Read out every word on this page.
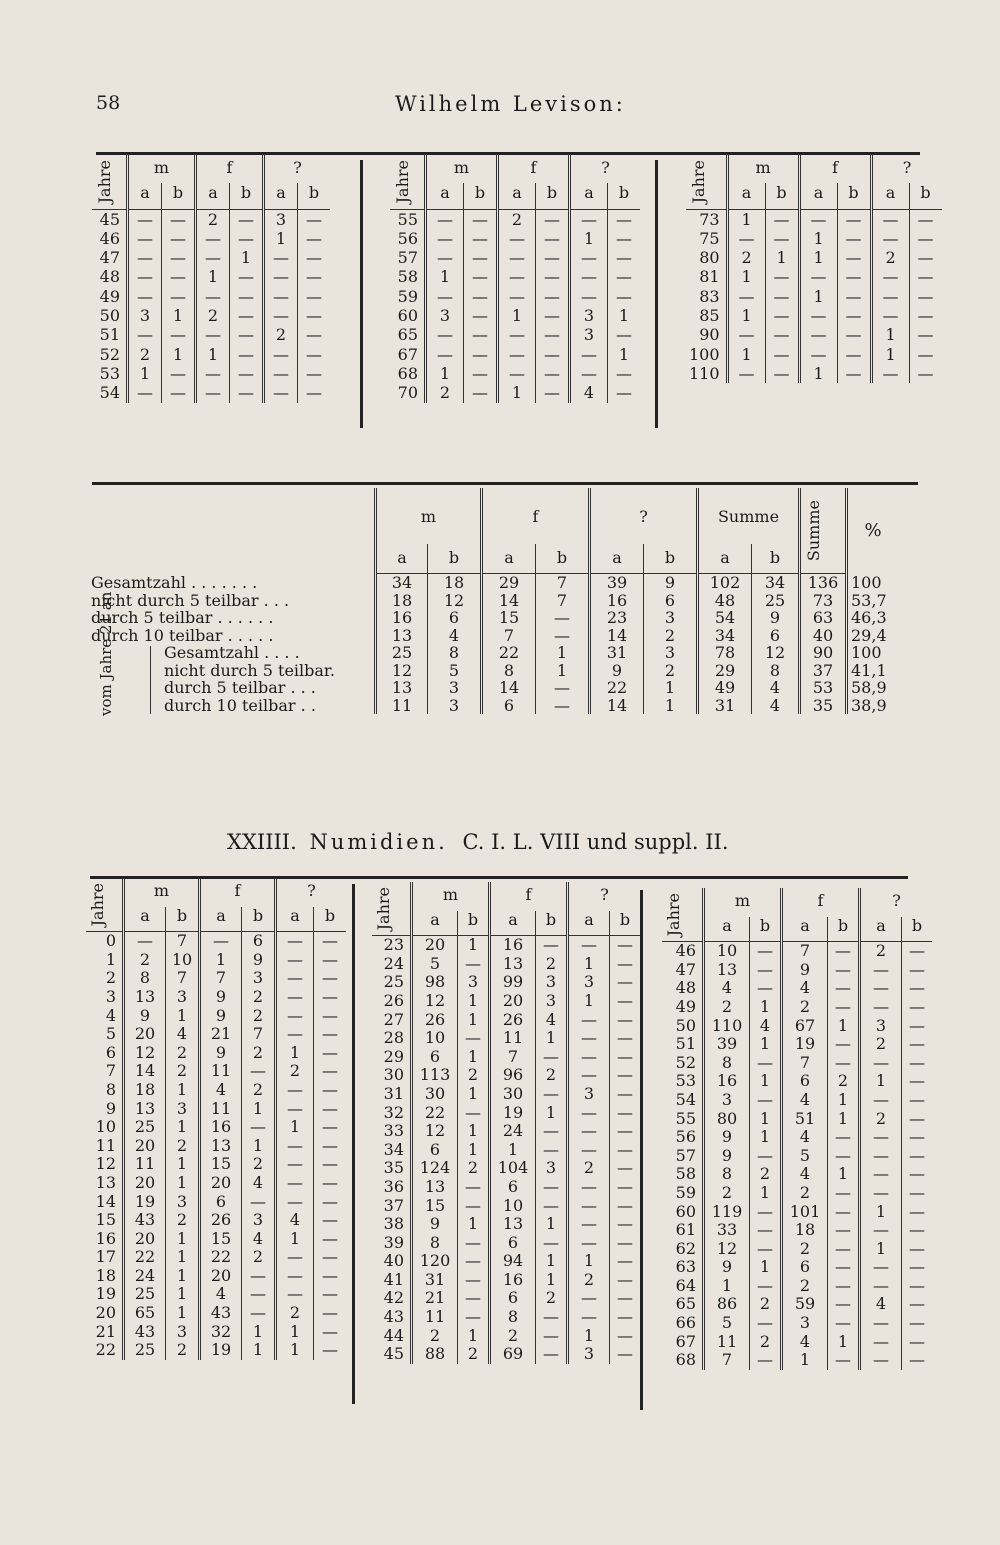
58	Wilhelm Levison:
Jahre	m		f		?	
	a	b	a	b	a	b
45	—	—	2	—	3	—
46	—	—	—	—	1	—
47	—	—	—	1	—	—
48	—	—	1	—	—	—
49	—	—	—	—	—	—
50	3	1	2	—	—	—
51	—	—	—	—	2	—
52	2	1	1	—	—	—
53	1	—	—	—	—	—
54	—	—	—	—	—	—
Jahre	m		f		?	
	a	b	a	b	a	b
55	—	—	2	—	—	—
56	—	—	—	—	1	—
57	—	—	—	—	—	—
58	1	—	—	—	—	—
59	—	—	—	—	—	—
60	3	—	1	—	3	1
65	—	—	—	—	3	—
67	—	—	—	—	—	1
68	1	—	—	—	—	—
70	2	—	1	—	4	—
Jahre	m		f		?	
	a	b	a	b	a	b
73	1	—	—	—	—	—
75	—	—	1	—	—	—
80	2	1	1	—	2	—
81	1	—	—	—	—	—
83	—	—	1	—	—	—
85	1	—	—	—	—	—
90	—	—	—	—	1	—
100	1	—	—	—	1	—
110	—	—	1	—	—	—
	m		f		?		Summe		Summe	%
	a	b	a	b	a	b	a	b		
Gesamtzahl . . . . . . .	34	18	29	7	39	9	102	34	136	100
nicht durch 5 teilbar . . .	18	12	14	7	16	6	48	25	73	53,7
durch 5 teilbar . . . . . .	16	6	15	—	23	3	54	9	63	46,3
durch 10 teilbar . . . . .	13	4	7	—	14	2	34	6	40	29,4

vom Jahre 21 an Gesamtzahl . . . .	25	8	22	1	31	3	78	12	90	100
nicht durch 5 teilbar.	12	5	8	1	9	2	29	8	37	41,1
durch 5 teilbar . . .	13	3	14	—	22	1	49	4	53	58,9
durch 10 teilbar . .	11	3	6	—	14	1	31	4	35	38,9
XXIIII. Numidien. C. I. L. VIII und suppl. II.
Jahre	m		f		?	
	a	b	a	b	a	b
0	—	7	—	6	—	—
1	2	10	1	9	—	—
2	8	7	7	3	—	—
3	13	3	9	2	—	—
4	9	1	9	2	—	—
5	20	4	21	7	—	—
6	12	2	9	2	1	—
7	14	2	11	—	2	—
8	18	1	4	2	—	—
9	13	3	11	1	—	—
10	25	1	16	—	1	—
11	20	2	13	1	—	—
12	11	1	15	2	—	—
13	20	1	20	4	—	—
14	19	3	6	—	—	—
15	43	2	26	3	4	—
16	20	1	15	4	1	—
17	22	1	22	2	—	—
18	24	1	20	—	—	—
19	25	1	4	—	—	—
20	65	1	43	—	2	—
21	43	3	32	1	1	—
22	25	2	19	1	1	—
Jahre	m		f		?	
	a	b	a	b	a	b
23	20	1	16	—	—	—
24	5	—	13	2	1	—
25	98	3	99	3	3	—
26	12	1	20	3	1	—
27	26	1	26	4	—	—
28	10	—	11	1	—	—
29	6	1	7	—	—	—
30	113	2	96	2	—	—
31	30	1	30	—	3	—
32	22	—	19	1	—	—
33	12	1	24	—	—	—
34	6	1	1	—	—	—
35	124	2	104	3	2	—
36	13	—	6	—	—	—
37	15	—	10	—	—	—
38	9	1	13	1	—	—
39	8	—	6	—	—	—
40	120	—	94	1	1	—
41	31	—	16	1	2	—
42	21	—	6	2	—	—
43	11	—	8	—	—	—
44	2	1	2	—	1	—
45	88	2	69	—	3	—
Jahre	m		f		?	
	a	b	a	b	a	b
46	10	—	7	—	2	—
47	13	—	9	—	—	—
48	4	—	4	—	—	—
49	2	1	2	—	—	—
50	110	4	67	1	3	—
51	39	1	19	—	2	—
52	8	—	7	—	—	—
53	16	1	6	2	1	—
54	3	—	4	1	—	—
55	80	1	51	1	2	—
56	9	1	4	—	—	—
57	9	—	5	—	—	—
58	8	2	4	1	—	—
59	2	1	2	—	—	—
60	119	—	101	—	1	—
61	33	—	18	—	—	—
62	12	—	2	—	1	—
63	9	1	6	—	—	—
64	1	—	2	—	—	—
65	86	2	59	—	4	—
66	5	—	3	—	—	—
67	11	2	4	1	—	—
68	7	—	1	—	—	—
